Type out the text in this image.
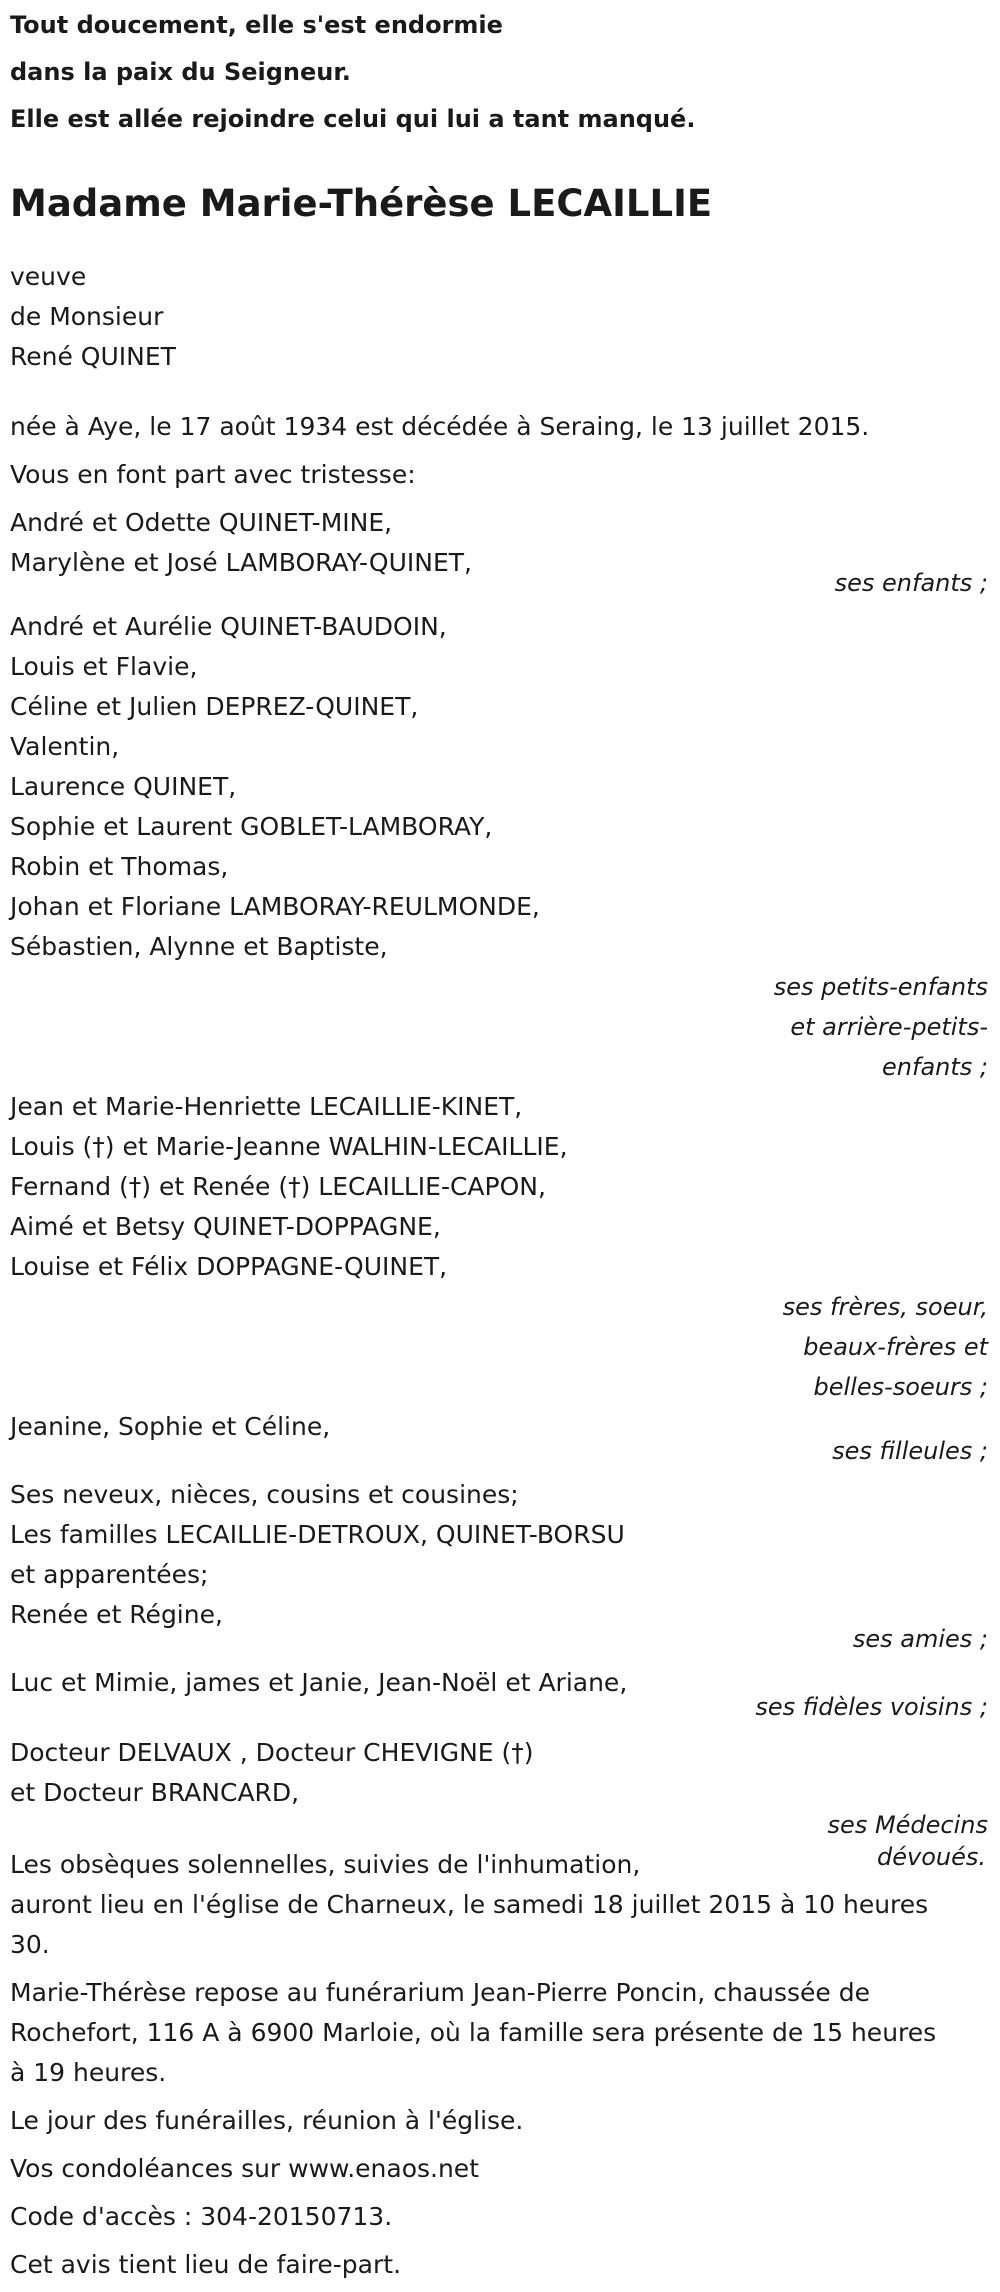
Tout doucement, elle s'est endormie
dans la paix du Seigneur.
Elle est allée rejoindre celui qui lui a tant manqué.
Madame Marie-Thérèse LECAILLIE
veuve
de Monsieur
René QUINET
née à Aye, le 17 août 1934 est décédée à Seraing, le 13 juillet 2015.
Vous en font part avec tristesse:
André et Odette QUINET-MINE,
Marylène et José LAMBORAY-QUINET,
ses enfants ;
André et Aurélie QUINET-BAUDOIN,
Louis et Flavie,
Céline et Julien DEPREZ-QUINET,
Valentin,
Laurence QUINET,
Sophie et Laurent GOBLET-LAMBORAY,
Robin et Thomas,
Johan et Floriane LAMBORAY-REULMONDE,
Sébastien, Alynne et Baptiste,
ses petits-enfants
et arrière-petits-
enfants ;
Jean et Marie-Henriette LECAILLIE-KINET,
Louis (†) et Marie-Jeanne WALHIN-LECAILLIE,
Fernand (†) et Renée (†) LECAILLIE-CAPON,
Aimé et Betsy QUINET-DOPPAGNE,
Louise et Félix DOPPAGNE-QUINET,
ses frères, soeur,
beaux-frères et
belles-soeurs ;
Jeanine, Sophie et Céline,
ses filleules ;
Ses neveux, nièces, cousins et cousines;
Les familles LECAILLIE-DETROUX, QUINET-BORSU
et apparentées;
Renée et Régine,
ses amies ;
Luc et Mimie, james et Janie, Jean-Noël et Ariane,
ses fidèles voisins ;
Docteur DELVAUX , Docteur CHEVIGNE (†)
et Docteur BRANCARD,
ses Médecins
dévoués.
Les obsèques solennelles, suivies de l'inhumation,
auront lieu en l'église de Charneux, le samedi 18 juillet 2015 à 10 heures
30.
Marie-Thérèse repose au funérarium Jean-Pierre Poncin, chaussée de
Rochefort, 116 A à 6900 Marloie, où la famille sera présente de 15 heures
à 19 heures.
Le jour des funérailles, réunion à l'église.
Vos condoléances sur www.enaos.net
Code d'accès : 304-20150713.
Cet avis tient lieu de faire-part.
